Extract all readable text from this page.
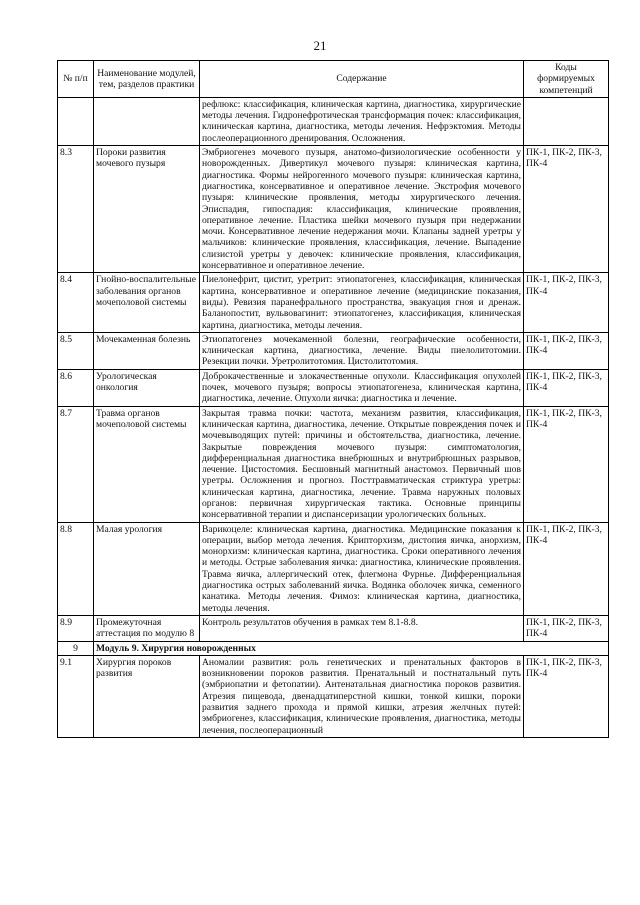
21
№ п/п	Наименование модулей, тем, разделов практики	Содержание	Коды формируемых компетенций
		рефлюкс: классификация, клиническая картина, диагностика, хирургические методы лечения. Гидронефротическая трансформация почек: классификация, клиническая картина, диагностика, методы лечения. Нефрэктомия. Методы послеоперационного дренирования. Осложнения.	
8.3	Пороки развития мочевого пузыря	Эмбриогенез мочевого пузыря, анатомо-физиологические особенности у новорожденных. Дивертикул мочевого пузыря: клиническая картина, диагностика. Формы нейрогенного мочевого пузыря: клиническая картина, диагностика, консервативное и оперативное лечение. Экстрофия мочевого пузыря: клинические проявления, методы хирургического лечения. Эписпадия, гипоспадия: классификация, клинические проявления, оперативное лечение. Пластика шейки мочевого пузыря при недержании мочи. Консервативное лечение недержания мочи. Клапаны задней уретры у мальчиков: клинические проявления, классификация, лечение. Выпадение слизистой уретры у девочек: клинические проявления, классификация, консервативное и оперативное лечение.	ПК-1, ПК-2, ПК-3, ПК-4
8.4	Гнойно-воспалительные заболевания органов мочеполовой системы	Пиелонефрит, цистит, уретрит: этиопатогенез, классификация, клиническая картина, консервативное и оперативное лечение (медицинские показания, виды). Ревизия паранефрального пространства, эвакуация гноя и дренаж. Баланопостит, вульвовагинит: этиопатогенез, классификация, клиническая картина, диагностика, методы лечения.	ПК-1, ПК-2, ПК-3, ПК-4
8.5	Мочекаменная болезнь	Этиопатогенез мочекаменной болезни, географические особенности, клиническая картина, диагностика, лечение. Виды пиелолитотомии. Резекции почки. Уретролитотомия. Цистолитотомия.	ПК-1, ПК-2, ПК-3, ПК-4
8.6	Урологическая онкология	Доброкачественные и злокачественные опухоли. Классификация опухолей почек, мочевого пузыря; вопросы этиопатогенеза, клиническая картина, диагностика, лечение. Опухоли яичка: диагностика и лечение.	ПК-1, ПК-2, ПК-3, ПК-4
8.7	Травма органов мочеполовой системы	Закрытая травма почки: частота, механизм развития, классификация, клиническая картина, диагностика, лечение. Открытые повреждения почек и мочевыводящих путей: причины и обстоятельства, диагностика, лечение. Закрытые повреждения мочевого пузыря: симптоматология, дифференциальная диагностика внебрюшных и внутрибрюшных разрывов, лечение. Цистостомия. Бесшовный магнитный анастомоз. Первичный шов уретры. Осложнения и прогноз. Посттравматическая стриктура уретры: клиническая картина, диагностика, лечение. Травма наружных половых органов: первичная хирургическая тактика. Основные принципы консервативной терапии и диспансеризации урологических больных.	ПК-1, ПК-2, ПК-3, ПК-4
8.8	Малая урология	Варикоцеле: клиническая картина, диагностика. Медицинские показания к операции, выбор метода лечения. Крипторхизм, дистопия яичка, анорхизм, монорхизм: клиническая картина, диагностика. Сроки оперативного лечения и методы. Острые заболевания яичка: диагностика, клинические проявления. Травма яичка, аллергический отек, флегмона Фурнье. Дифференциальная диагностика острых заболеваний яичка. Водянка оболочек яичка, семенного канатика. Методы лечения. Фимоз: клиническая картина, диагностика, методы лечения.	ПК-1, ПК-2, ПК-3, ПК-4
8.9	Промежуточная аттестация по модулю 8	Контроль результатов обучения в рамках тем 8.1-8.8.	ПК-1, ПК-2, ПК-3, ПК-4
9	Модуль 9. Хирургия новорожденных		
9.1	Хирургия пороков развития	Аномалии развития: роль генетических и пренатальных факторов в возникновении пороков развития. Пренатальный и постнатальный путь (эмбриопатии и фетопатии). Антенатальная диагностика пороков развития. Атрезия пищевода, двенадцатиперстной кишки, тонкой кишки, пороки развития заднего прохода и прямой кишки, атрезия желчных путей: эмбриогенез, классификация, клинические проявления, диагностика, методы лечения, послеоперационный	ПК-1, ПК-2, ПК-3, ПК-4
